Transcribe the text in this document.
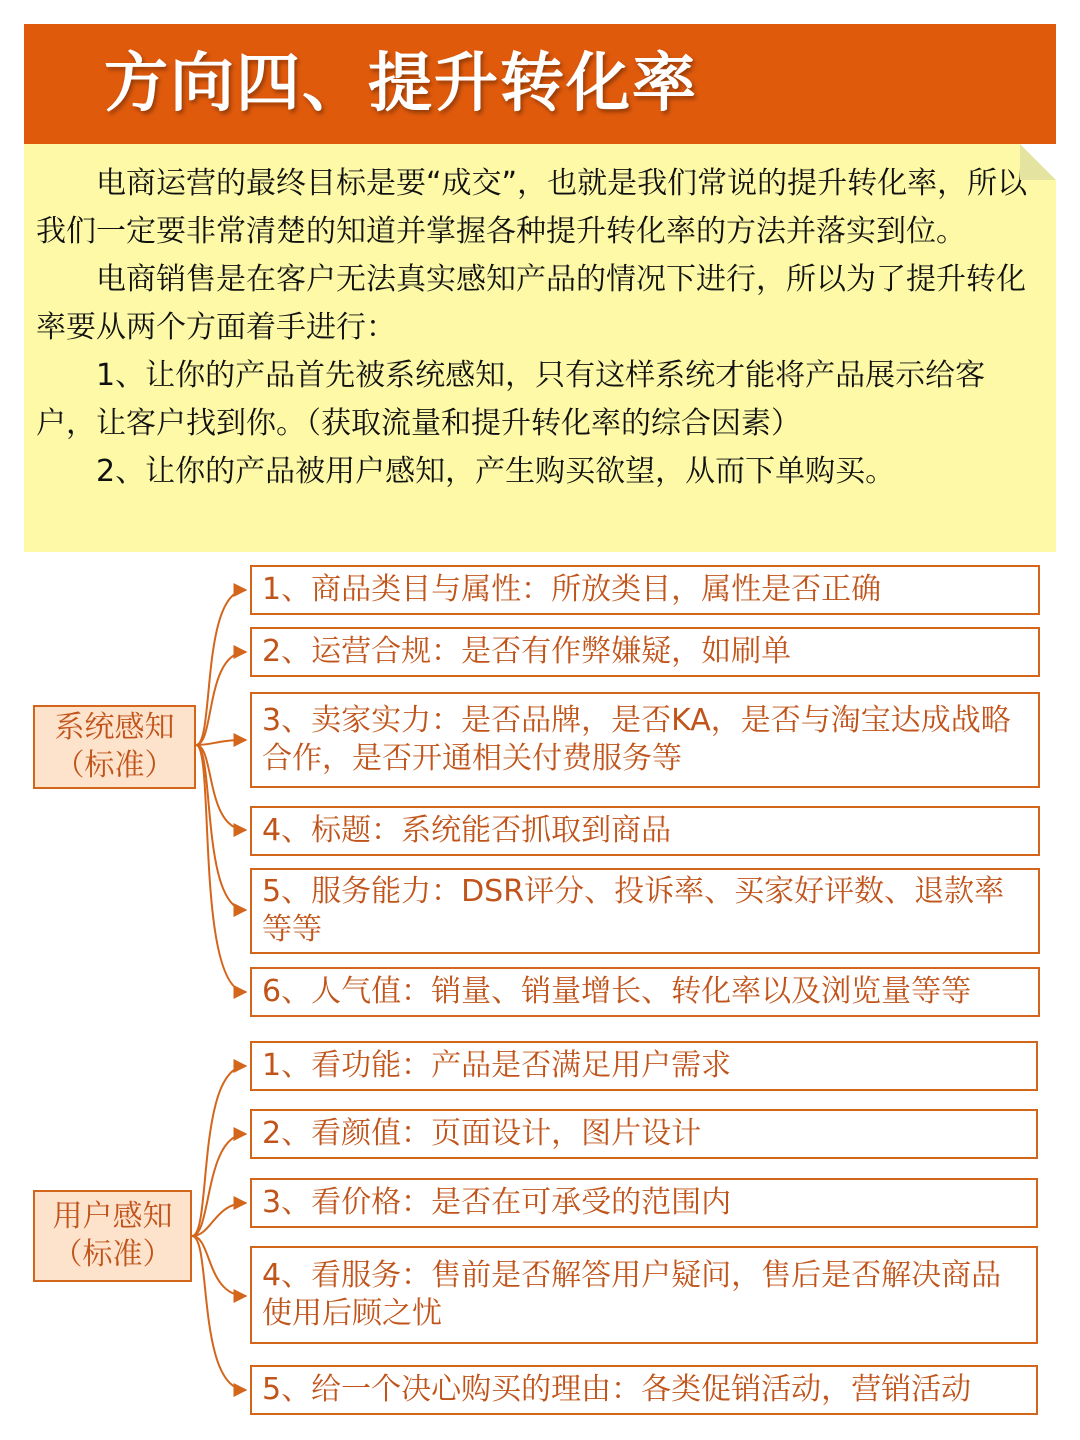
方向四、提升转化率

电商运营的最终目标是要“成交”，也就是我们常说的提升转化率，所以我们一定要非常清楚的知道并掌握各种提升转化率的方法并落实到位。

电商销售是在客户无法真实感知产品的情况下进行，所以为了提升转化率要从两个方面着手进行：

1、让你的产品首先被系统感知，只有这样系统才能将产品展示给客户，让客户找到你。（获取流量和提升转化率的综合因素）

2、让你的产品被用户感知，产生购买欲望，从而下单购买。

系统感知
（标准）
1、商品类目与属性：所放类目，属性是否正确
2、运营合规：是否有作弊嫌疑，如刷单
3、卖家实力：是否品牌，是否KA，是否与淘宝达成战略合作，是否开通相关付费服务等
4、标题：系统能否抓取到商品
5、服务能力：DSR评分、投诉率、买家好评数、退款率等等
6、人气值：销量、销量增长、转化率以及浏览量等等
用户感知
（标准）
1、看功能：产品是否满足用户需求
2、看颜值：页面设计，图片设计
3、看价格：是否在可承受的范围内
4、看服务：售前是否解答用户疑问，售后是否解决商品使用后顾之忧
5、给一个决心购买的理由：各类促销活动，营销活动
